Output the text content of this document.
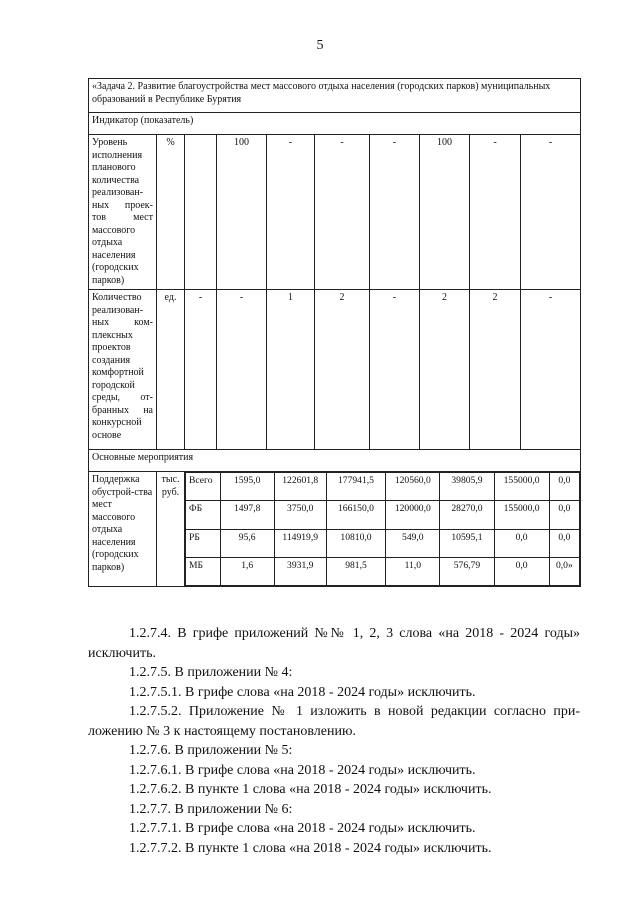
5
«Задача 2. Развитие благоустройства мест массового отдыха населения (городских парков) муниципальных образований в Республике Бурятия
Индикатор (показатель)
Уровень исполнения планового количества реализован-ных проек-тов мест массового отдыха населения (городских парков)	%		100	-	-	-	100	-	-
Количество реализован-ных ком-плексных проектов создания комфортной городской среды, от-бранных на конкурсной основе	ед.	-	-	1	2	-	2	2	-
Основные мероприятия
Поддержка обустрой-ства мест массового отдыха населения (городских парков)	тыс. руб.	
Всего	1595,0	122601,8	177941,5	120560,0	39805,9	155000,0	0,0
ФБ	1497,8	3750,0	166150,0	120000,0	28270,0	155000,0	0,0
РБ	95,6	114919,9	10810,0	549,0	10595,1	0,0	0,0
МБ	1,6	3931,9	981,5	11,0	576,79	0,0	0,0»

1.2.7.4. В грифе приложений №№ 1, 2, 3 слова «на 2018 - 2024 годы» исключить.

1.2.7.5. В приложении № 4:

1.2.7.5.1. В грифе слова «на 2018 - 2024 годы» исключить.

1.2.7.5.2. Приложение № 1 изложить в новой редакции согласно при-ложению № 3 к настоящему постановлению.

1.2.7.6. В приложении № 5:

1.2.7.6.1. В грифе слова «на 2018 - 2024 годы» исключить.

1.2.7.6.2. В пункте 1 слова «на 2018 - 2024 годы» исключить.

1.2.7.7. В приложении № 6:

1.2.7.7.1. В грифе слова «на 2018 - 2024 годы» исключить.

1.2.7.7.2. В пункте 1 слова «на 2018 - 2024 годы» исключить.
